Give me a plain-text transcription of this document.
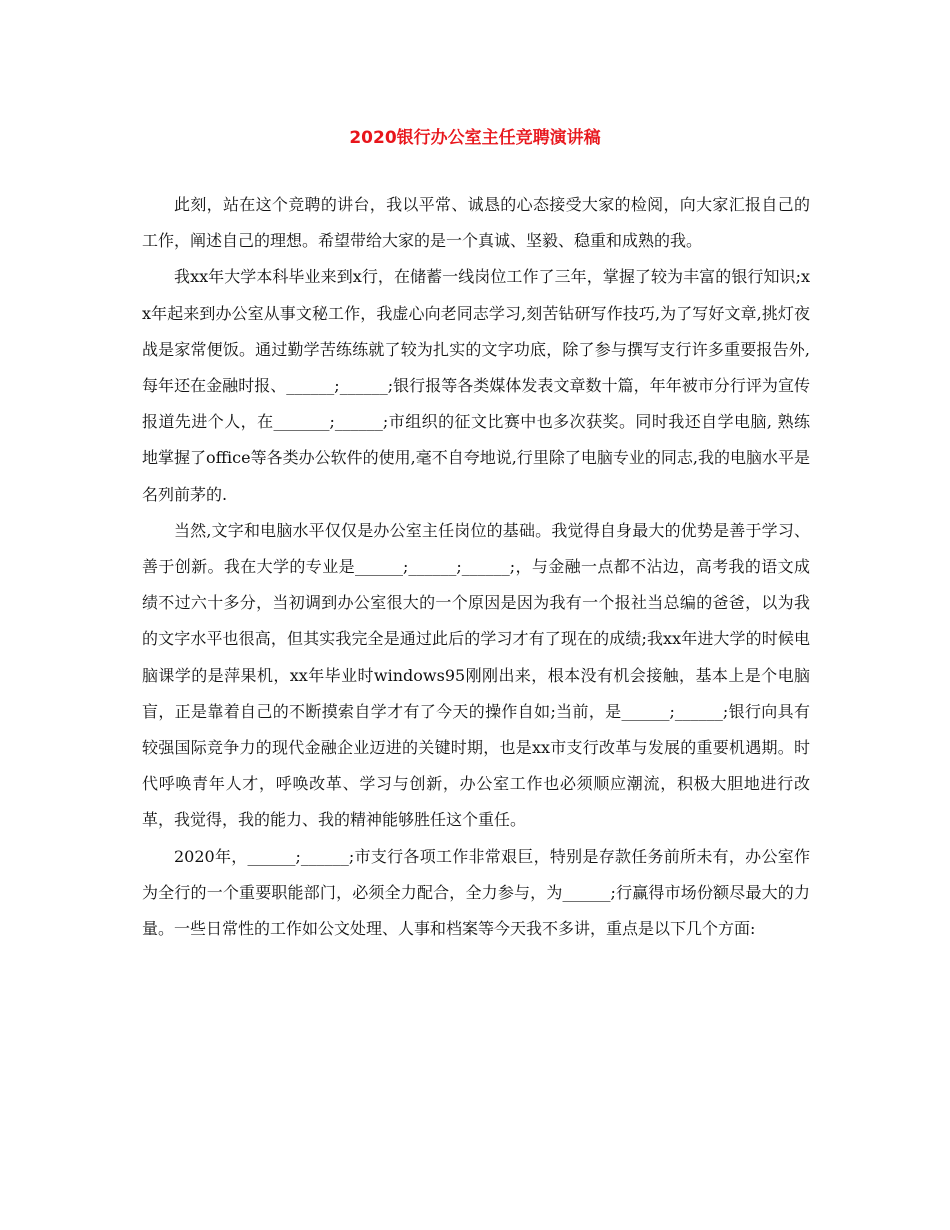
2020银行办公室主任竞聘演讲稿

此刻，站在这个竞聘的讲台，我以平常、诚恳的心态接受大家的检阅，向大家汇报自己的工作，阐述自己的理想。希望带给大家的是一个真诚、坚毅、稳重和成熟的我。

我xx年大学本科毕业来到x行，在储蓄一线岗位工作了三年，掌握了较为丰富的银行知识;xx年起来到办公室从事文秘工作，我虚心向老同志学习,刻苦钻研写作技巧,为了写好文章,挑灯夜战是家常便饭。通过勤学苦练练就了较为扎实的文字功底，除了参与撰写支行许多重要报告外,每年还在金融时报、______;______;银行报等各类媒体发表文章数十篇，年年被市分行评为宣传报道先进个人，在_______;______;市组织的征文比赛中也多次获奖。同时我还自学电脑, 熟练地掌握了office等各类办公软件的使用,毫不自夸地说,行里除了电脑专业的同志,我的电脑水平是名列前茅的.

当然,文字和电脑水平仅仅是办公室主任岗位的基础。我觉得自身最大的优势是善于学习、善于创新。我在大学的专业是______;______;______;，与金融一点都不沾边，高考我的语文成绩不过六十多分，当初调到办公室很大的一个原因是因为我有一个报社当总编的爸爸，以为我的文字水平也很高，但其实我完全是通过此后的学习才有了现在的成绩;我xx年进大学的时候电脑课学的是萍果机，xx年毕业时windows95刚刚出来，根本没有机会接触，基本上是个电脑盲，正是靠着自己的不断摸索自学才有了今天的操作自如;当前，是______;______;银行向具有较强国际竞争力的现代金融企业迈进的关键时期，也是xx市支行改革与发展的重要机遇期。时代呼唤青年人才，呼唤改革、学习与创新，办公室工作也必须顺应潮流，积极大胆地进行改革，我觉得，我的能力、我的精神能够胜任这个重任。

2020年，______;______;市支行各项工作非常艰巨，特别是存款任务前所未有，办公室作为全行的一个重要职能部门，必须全力配合，全力参与，为______;行赢得市场份额尽最大的力量。一些日常性的工作如公文处理、人事和档案等今天我不多讲，重点是以下几个方面:
